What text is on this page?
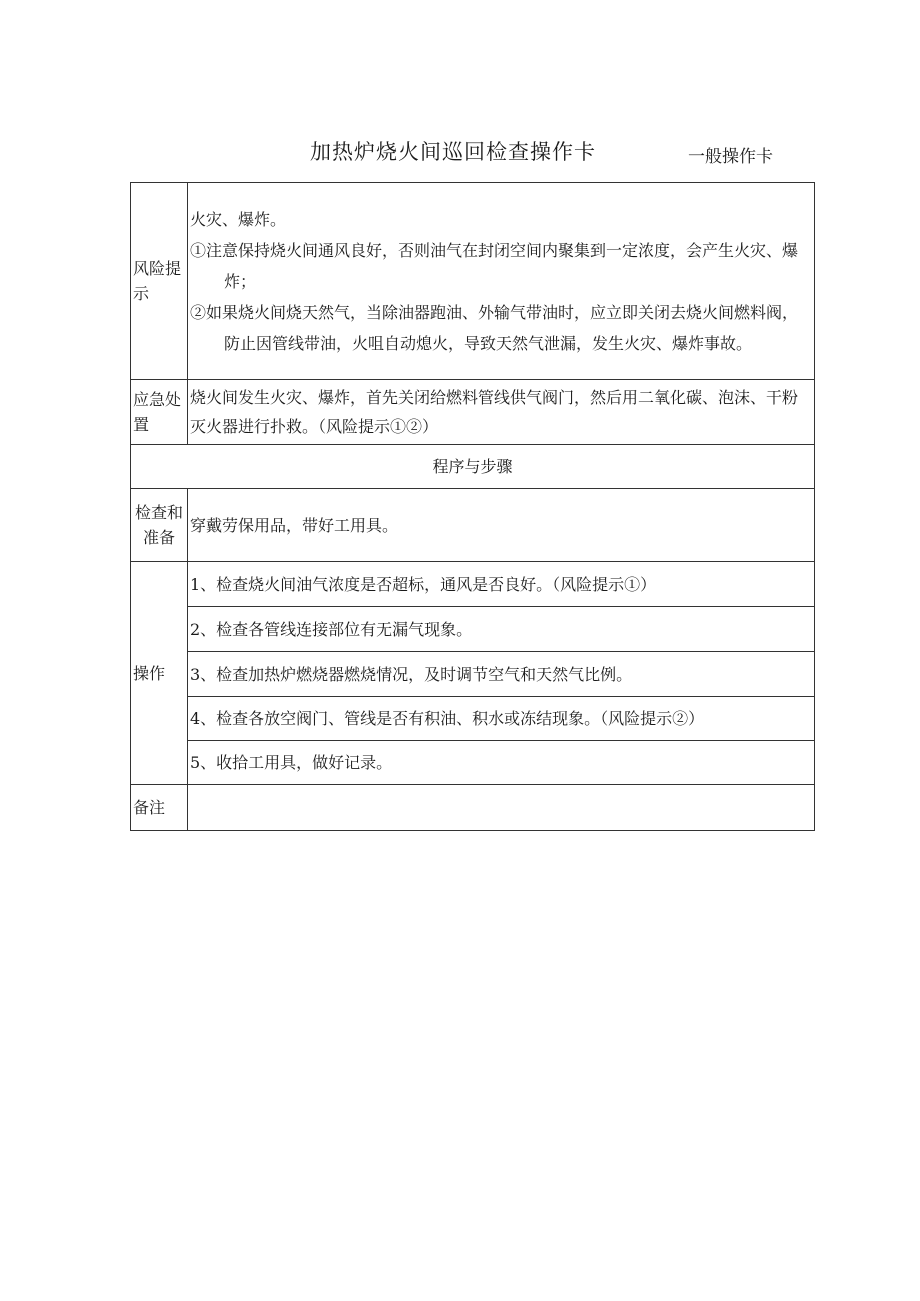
加热炉烧火间巡回检查操作卡	一般操作卡
风险提示	火灾、爆炸。
①注意保持烧火间通风良好，否则油气在封闭空间内聚集到一定浓度，会产生火灾、爆炸；
②如果烧火间烧天然气，当除油器跑油、外输气带油时，应立即关闭去烧火间燃料阀，防止因管线带油，火咀自动熄火，导致天然气泄漏，发生火灾、爆炸事故。

应急处置	烧火间发生火灾、爆炸，首先关闭给燃料管线供气阀门，然后用二氧化碳、泡沫、干粉灭火器进行扑救。（风险提示①②）

程序与步骤	

检查和准备	穿戴劳保用品，带好工用具。

操作	1、检查烧火间油气浓度是否超标，通风是否良好。（风险提示①）
	2、检查各管线连接部位有无漏气现象。
	3、检查加热炉燃烧器燃烧情况，及时调节空气和天然气比例。
	4、检查各放空阀门、管线是否有积油、积水或冻结现象。（风险提示②）
	5、收拾工用具，做好记录。

备注	
